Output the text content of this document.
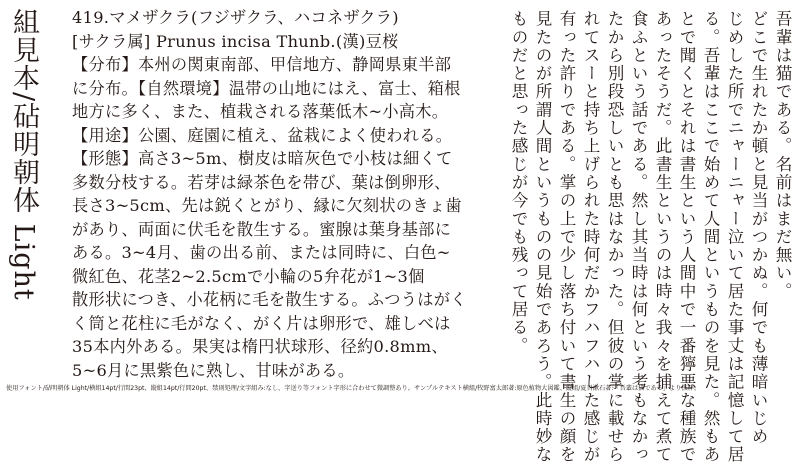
組見本/砧明朝体 Light 419.マメザクラ(フジザクラ、ハコネザクラ)

[サクラ属] Prunus incisa Thunb.(漢)豆桜

【分布】本州の関東南部、甲信地方、静岡県東半部

に分布。【自然環境】温帯の山地にはえ、富士、箱根

地方に多く、また、植栽される落葉低木~小高木。

【用途】公園、庭園に植え、盆栽によく使われる。

【形態】高さ3~5m、樹皮は暗灰色で小枝は細くて

多数分枝する。若芽は緑茶色を帯び、葉は倒卵形、

長さ3~5cm、先は鋭くとがり、縁に欠刻状のきょ歯

があり、両面に伏毛を散生する。蜜腺は葉身基部に

ある。3~4月、歯の出る前、または同時に、白色~

微紅色、花茎2~2.5cmで小輪の5弁花が1~3個

散形状につき、小花柄に毛を散生する。ふつうはがく

く筒と花柱に毛がなく、がく片は卵形で、雄しべは

35本内外ある。果実は楕円状球形、径約0.8mm、

5~6月に黒紫色に熟し、甘味がある。

吾輩は猫である。名前はまだ無い。

どこで生れたか頓と見当がつかぬ。何でも薄暗いじめ

じめした所でニャーニャー泣いて居た事丈は記憶して居

る。吾輩はここで始めて人間というものを見た。然もあ

とで聞くとそれは書生という人間中で一番獰悪な種族で

あったそうだ。此書生というのは時々我々を捕えて煮て

食ふという話である。然し其当時は何という考もなかっ

たから別段恐しいとも思はなかった。但彼の掌に載せら

れてスーと持ち上げられた時何だかフハフハした感じが

有った許りである。掌の上で少し落ち付いて書生の顔を

見たのが所謂人間というものの見始であろう。此時妙な

ものだと思った感じが今でも残って居る。

使用フォント/砧明朝体 Light/横組14pt/行間23pt、縦組14pt/行間20pt、禁則処理/文字組み:なし、字送り等フォント字形に合わせて微調整あり。サンプルテキスト横組/牧野富太郎著:原色植物大図鑑、縦組/夏目漱石著:「吾輩は猫である」より抜粋。
